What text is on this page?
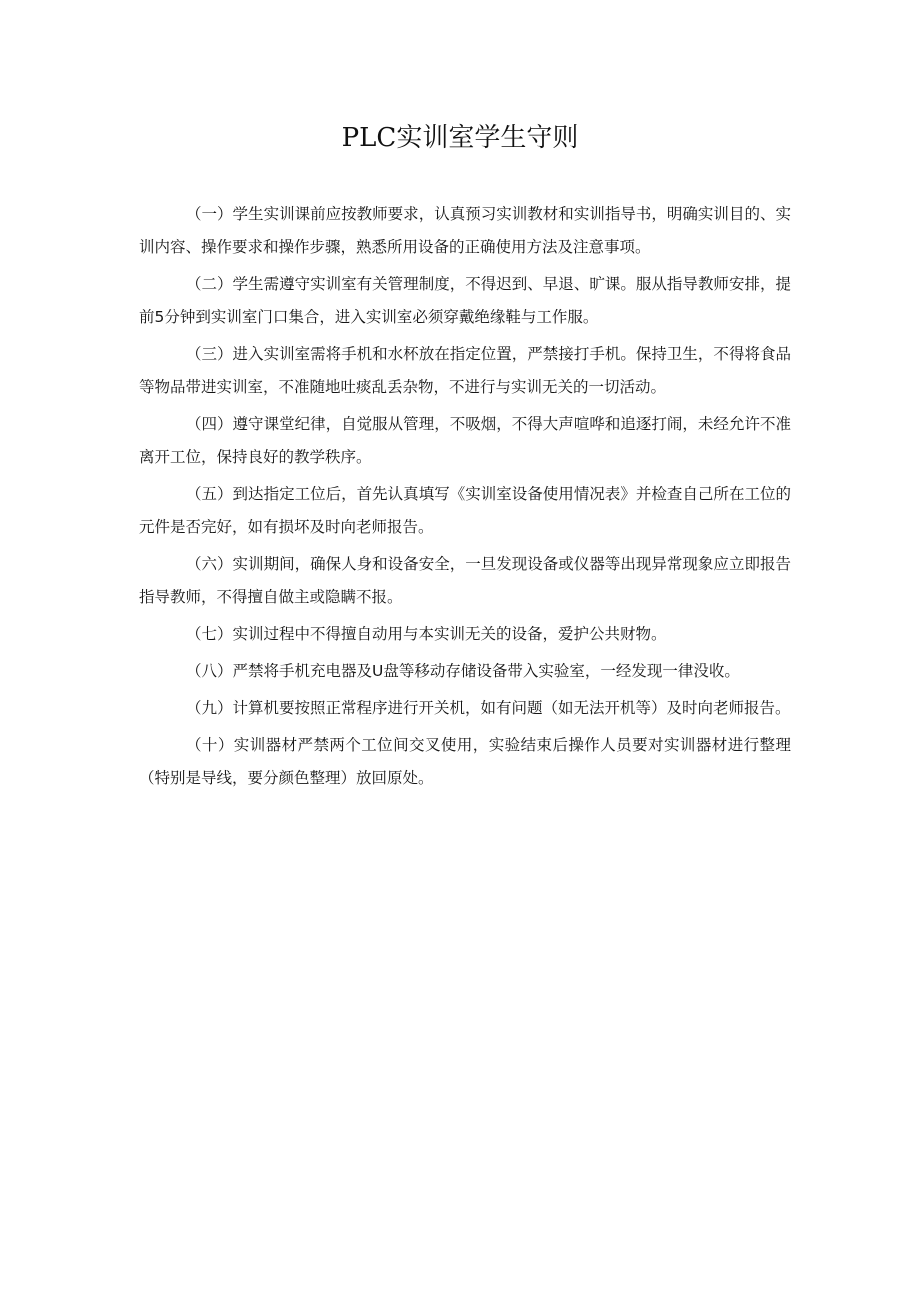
PLC实训室学生守则
（一）学生实训课前应按教师要求，认真预习实训教材和实训指导书，明确实训目的、实训内容、操作要求和操作步骤，熟悉所用设备的正确使用方法及注意事项。
（二）学生需遵守实训室有关管理制度，不得迟到、早退、旷课。服从指导教师安排，提前5分钟到实训室门口集合，进入实训室必须穿戴绝缘鞋与工作服。
（三）进入实训室需将手机和水杯放在指定位置，严禁接打手机。保持卫生，不得将食品等物品带进实训室，不准随地吐痰乱丢杂物，不进行与实训无关的一切活动。
（四）遵守课堂纪律，自觉服从管理，不吸烟，不得大声喧哗和追逐打闹，未经允许不准离开工位，保持良好的教学秩序。
（五）到达指定工位后，首先认真填写《实训室设备使用情况表》并检查自己所在工位的元件是否完好，如有损坏及时向老师报告。
（六）实训期间，确保人身和设备安全，一旦发现设备或仪器等出现异常现象应立即报告指导教师，不得擅自做主或隐瞒不报。
（七）实训过程中不得擅自动用与本实训无关的设备，爱护公共财物。
（八）严禁将手机充电器及U盘等移动存储设备带入实验室，一经发现一律没收。
（九）计算机要按照正常程序进行开关机，如有问题（如无法开机等）及时向老师报告。
（十）实训器材严禁两个工位间交叉使用，实验结束后操作人员要对实训器材进行整理（特别是导线，要分颜色整理）放回原处。
